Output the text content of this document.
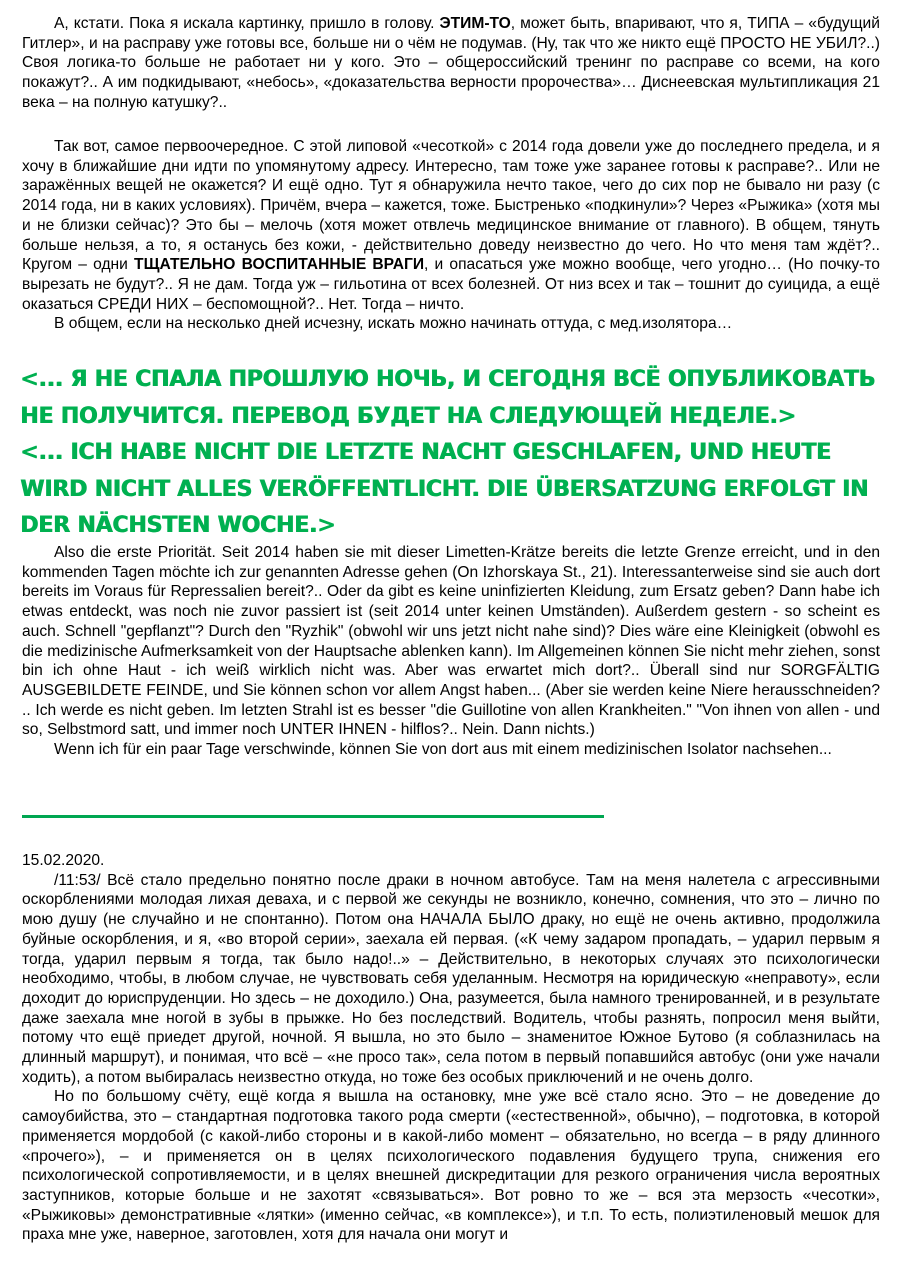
А, кстати. Пока я искала картинку, пришло в голову. ЭТИМ-ТО, может быть, впаривают, что я, ТИПА – «будущий Гитлер», и на расправу уже готовы все, больше ни о чём не подумав. (Ну, так что же никто ещё ПРОСТО НЕ УБИЛ?..) Своя логика-то больше не работает ни у кого. Это – общероссийский тренинг по расправе со всеми, на кого покажут?.. А им подкидывают, «небось», «доказательства верности пророчества»… Диснеевская мультипликация 21 века – на полную катушку?..

Так вот, самое первоочередное. С этой липовой «чесоткой» с 2014 года довели уже до последнего предела, и я хочу в ближайшие дни идти по упомянутому адресу. Интересно, там тоже уже заранее готовы к расправе?.. Или не заражённых вещей не окажется? И ещё одно. Тут я обнаружила нечто такое, чего до сих пор не бывало ни разу (с 2014 года, ни в каких условиях). Причём, вчера – кажется, тоже. Быстренько «подкинули»? Через «Рыжика» (хотя мы и не близки сейчас)? Это бы – мелочь (хотя может отвлечь медицинское внимание от главного). В общем, тянуть больше нельзя, а то, я останусь без кожи, - действительно доведу неизвестно до чего. Но что меня там ждёт?.. Кругом – одни ТЩАТЕЛЬНО ВОСПИТАННЫЕ ВРАГИ, и опасаться уже можно вообще, чего угодно… (Но почку-то вырезать не будут?.. Я не дам. Тогда уж – гильотина от всех болезней. От низ всех и так – тошнит до суицида, а ещё оказаться СРЕДИ НИХ – беспомощной?.. Нет. Тогда – ничто.

В общем, если на несколько дней исчезну, искать можно начинать оттуда, с мед.изолятора…

<... Я НЕ СПАЛА ПРОШЛУЮ НОЧЬ, И СЕГОДНЯ ВСЁ ОПУБЛИКОВАТЬ НЕ ПОЛУЧИТСЯ. ПЕРЕВОД БУДЕТ НА СЛЕДУЮЩЕЙ НЕДЕЛЕ.>
<... ICH HABE NICHT DIE LETZTE NACHT GESCHLAFEN, UND HEUTE WIRD NICHT ALLES VERÖFFENTLICHT. DIE ÜBERSATZUNG ERFOLGT IN DER NÄCHSTEN WOCHE.>

Also die erste Priorität. Seit 2014 haben sie mit dieser Limetten-Krätze bereits die letzte Grenze erreicht, und in den kommenden Tagen möchte ich zur genannten Adresse gehen (On Izhorskaya St., 21). Interessanterweise sind sie auch dort bereits im Voraus für Repressalien bereit?.. Oder da gibt es keine uninfizierten Kleidung, zum Ersatz geben? Dann habe ich etwas entdeckt, was noch nie zuvor passiert ist (seit 2014 unter keinen Umständen). Außerdem gestern - so scheint es auch. Schnell "gepflanzt"? Durch den "Ryzhik" (obwohl wir uns jetzt nicht nahe sind)? Dies wäre eine Kleinigkeit (obwohl es die medizinische Aufmerksamkeit von der Hauptsache ablenken kann). Im Allgemeinen können Sie nicht mehr ziehen, sonst bin ich ohne Haut - ich weiß wirklich nicht was. Aber was erwartet mich dort?.. Überall sind nur SORGFÄLTIG AUSGEBILDETE FEINDE, und Sie können schon vor allem Angst haben... (Aber sie werden keine Niere herausschneiden? .. Ich werde es nicht geben. Im letzten Strahl ist es besser "die Guillotine von allen Krankheiten." "Von ihnen von allen - und so, Selbstmord satt, und immer noch UNTER IHNEN - hilflos?.. Nein. Dann nichts.)

Wenn ich für ein paar Tage verschwinde, können Sie von dort aus mit einem medizinischen Isolator nachsehen...

15.02.2020.

/11:53/ Всё стало предельно понятно после драки в ночном автобусе. Там на меня налетела с агрессивными оскорблениями молодая лихая деваха, и с первой же секунды не возникло, конечно, сомнения, что это – лично по мою душу (не случайно и не спонтанно). Потом она НАЧАЛА БЫЛО драку, но ещё не очень активно, продолжила буйные оскорбления, и я, «во второй серии», заехала ей первая. («К чему задаром пропадать, – ударил первым я тогда, ударил первым я тогда, так было надо!..» – Действительно, в некоторых случаях это психологически необходимо, чтобы, в любом случае, не чувствовать себя уделанным. Несмотря на юридическую «неправоту», если доходит до юриспруденции. Но здесь – не доходило.) Она, разумеется, была намного тренированней, и в результате даже заехала мне ногой в зубы в прыжке. Но без последствий. Водитель, чтобы разнять, попросил меня выйти, потому что ещё приедет другой, ночной. Я вышла, но это было – знаменитое Южное Бутово (я соблазнилась на длинный маршрут), и понимая, что всё – «не просо так», села потом в первый попавшийся автобус (они уже начали ходить), а потом выбиралась неизвестно откуда, но тоже без особых приключений и не очень долго.

Но по большому счёту, ещё когда я вышла на остановку, мне уже всё стало ясно. Это – не доведение до самоубийства, это – стандартная подготовка такого рода смерти («естественной», обычно), – подготовка, в которой применяется мордобой (с какой-либо стороны и в какой-либо момент – обязательно, но всегда – в ряду длинного «прочего»), – и применяется он в целях психологического подавления будущего трупа, снижения его психологической сопротивляемости, и в целях внешней дискредитации для резкого ограничения числа вероятных заступников, которые больше и не захотят «связываться». Вот ровно то же – вся эта мерзость «чесотки», «Рыжиковы» демонстративные «лятки» (именно сейчас, «в комплексе»), и т.п. То есть, полиэтиленовый мешок для праха мне уже, наверное, заготовлен, хотя для начала они могут и
